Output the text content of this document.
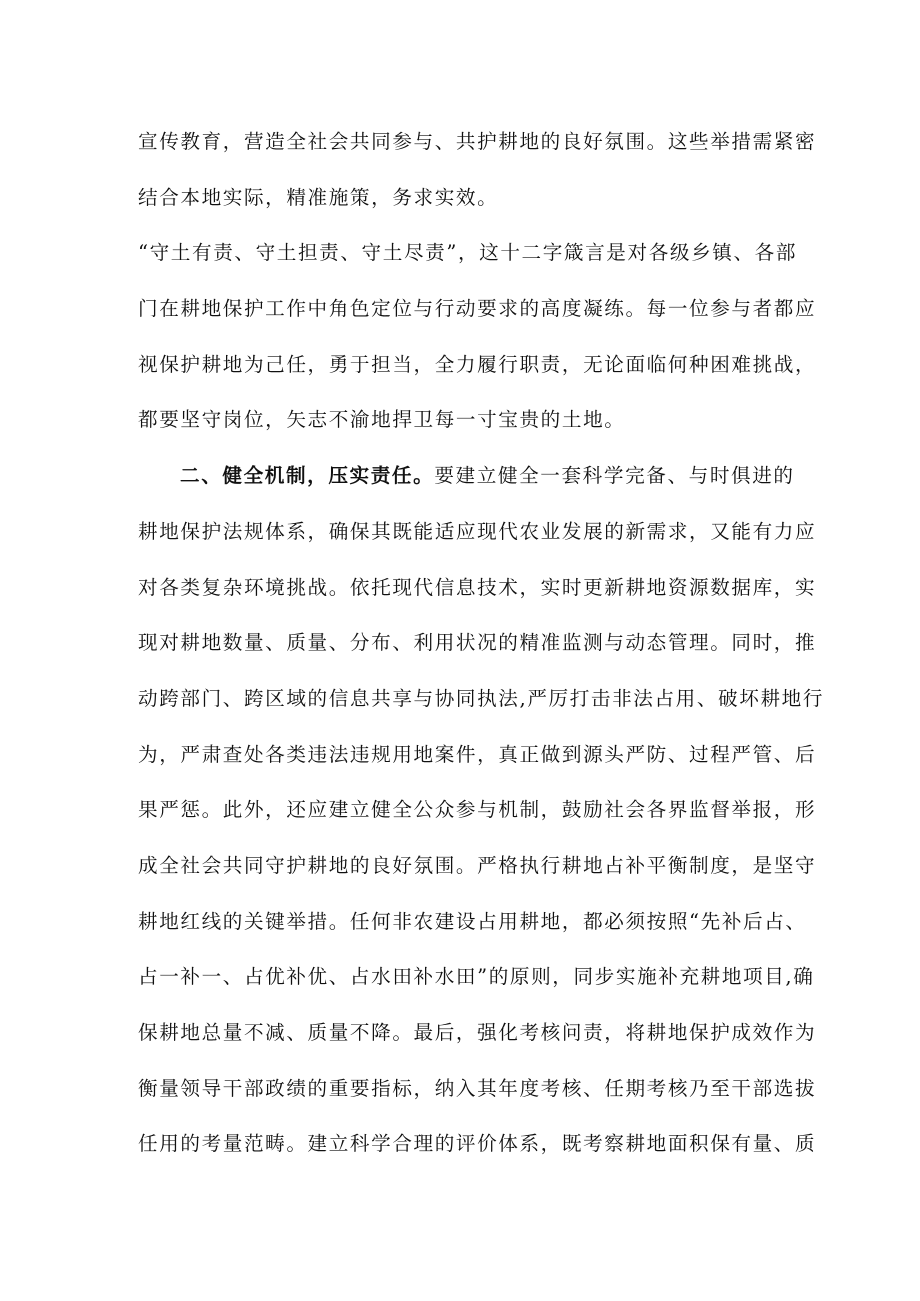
宣传教育，营造全社会共同参与、共护耕地的良好氛围。这些举措需紧密
结合本地实际，精准施策，务求实效。
“守土有责、守土担责、守土尽责”，这十二字箴言是对各级乡镇、各部
门在耕地保护工作中角色定位与行动要求的高度凝练。每一位参与者都应
视保护耕地为己任，勇于担当，全力履行职责，无论面临何种困难挑战，
都要坚守岗位，矢志不渝地捍卫每一寸宝贵的土地。
二、健全机制，压实责任。要建立健全一套科学完备、与时俱进的
耕地保护法规体系，确保其既能适应现代农业发展的新需求，又能有力应
对各类复杂环境挑战。依托现代信息技术，实时更新耕地资源数据库，实
现对耕地数量、质量、分布、利用状况的精准监测与动态管理。同时，推
动跨部门、跨区域的信息共享与协同执法,严厉打击非法占用、破坏耕地行
为，严肃查处各类违法违规用地案件，真正做到源头严防、过程严管、后
果严惩。此外，还应建立健全公众参与机制，鼓励社会各界监督举报，形
成全社会共同守护耕地的良好氛围。严格执行耕地占补平衡制度，是坚守
耕地红线的关键举措。任何非农建设占用耕地，都必须按照“先补后占、
占一补一、占优补优、占水田补水田”的原则，同步实施补充耕地项目,确
保耕地总量不减、质量不降。最后，强化考核问责，将耕地保护成效作为
衡量领导干部政绩的重要指标，纳入其年度考核、任期考核乃至干部选拔
任用的考量范畴。建立科学合理的评价体系，既考察耕地面积保有量、质
